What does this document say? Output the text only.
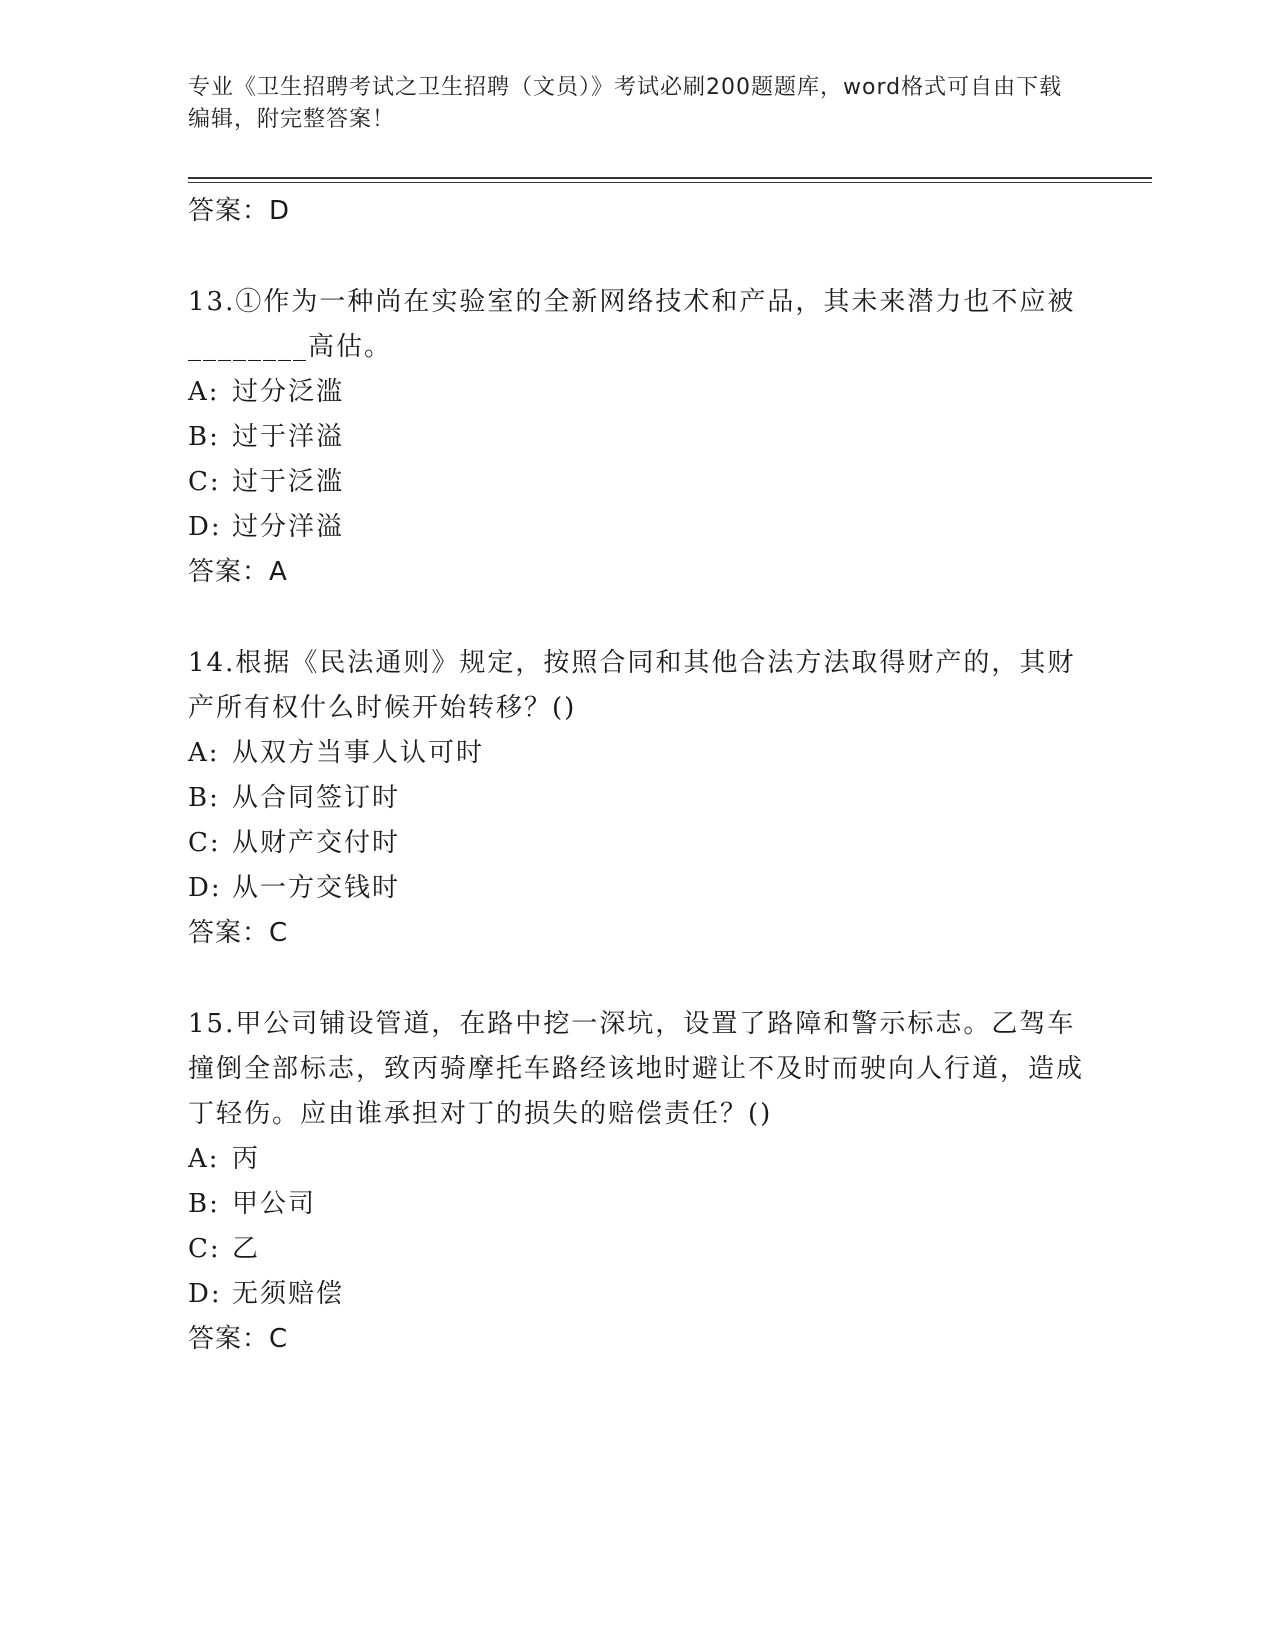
专业《卫生招聘考试之卫生招聘（文员）》考试必刷200题题库，word格式可自由下载编辑，附完整答案！
答案：D
13.①作为一种尚在实验室的全新网络技术和产品，其未来潜力也不应被________高估。
A: 过分泛滥
B: 过于洋溢
C: 过于泛滥
D: 过分洋溢
答案：A
14.根据《民法通则》规定，按照合同和其他合法方法取得财产的，其财产所有权什么时候开始转移？()
A: 从双方当事人认可时
B: 从合同签订时
C: 从财产交付时
D: 从一方交钱时
答案：C
15.甲公司铺设管道，在路中挖一深坑，设置了路障和警示标志。乙驾车撞倒全部标志，致丙骑摩托车路经该地时避让不及时而驶向人行道，造成丁轻伤。应由谁承担对丁的损失的赔偿责任？()
A: 丙
B: 甲公司
C: 乙
D: 无须赔偿
答案：C
